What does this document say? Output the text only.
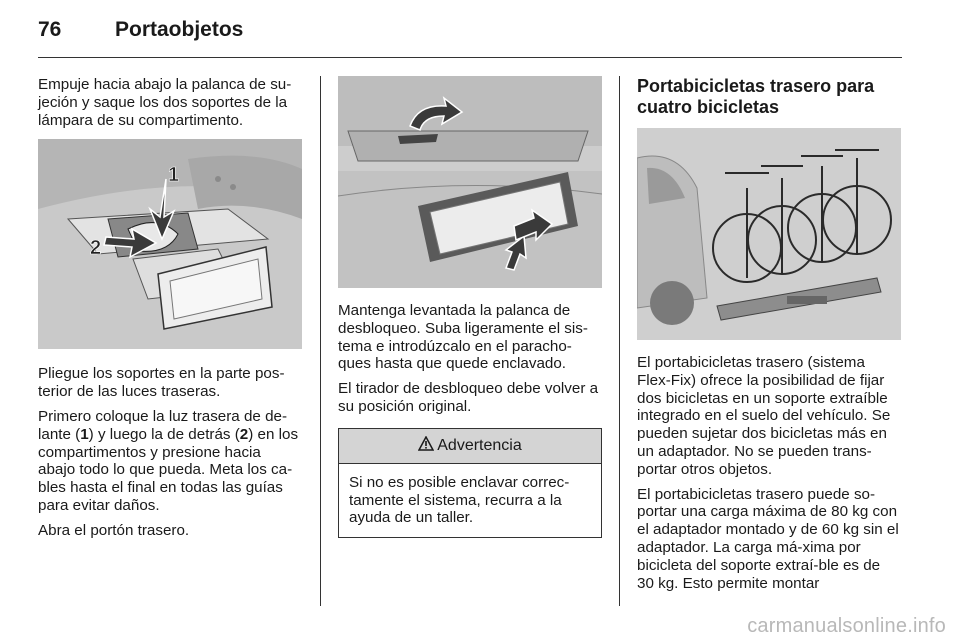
76	Portaobjetos

Empuje hacia abajo la palanca de su-jeción y saque los dos soportes de la lámpara de su compartimento.

1
2

Pliegue los soportes en la parte pos-terior de las luces traseras.

Primero coloque la luz trasera de de-lante (1) y luego la de detrás (2) en los compartimentos y presione hacia abajo todo lo que pueda. Meta los ca-bles hasta el final en todas las guías para evitar daños.

Abra el portón trasero.

Mantenga levantada la palanca de desbloqueo. Suba ligeramente el sis-tema e introdúzcalo en el paracho-ques hasta que quede enclavado.

El tirador de desbloqueo debe volver a su posición original.

Advertencia

Si no es posible enclavar correc-tamente el sistema, recurra a la ayuda de un taller.

Portabicicletas trasero para cuatro bicicletas

El portabicicletas trasero (sistema Flex-Fix) ofrece la posibilidad de fijar dos bicicletas en un soporte extraíble integrado en el suelo del vehículo. Se pueden sujetar dos bicicletas más en un adaptador. No se pueden trans-portar otros objetos.

El portabicicletas trasero puede so-portar una carga máxima de 80 kg con el adaptador montado y de 60 kg sin el adaptador. La carga má-xima por bicicleta del soporte extraí-ble es de 30 kg. Esto permite montar

carmanualsonline.info
